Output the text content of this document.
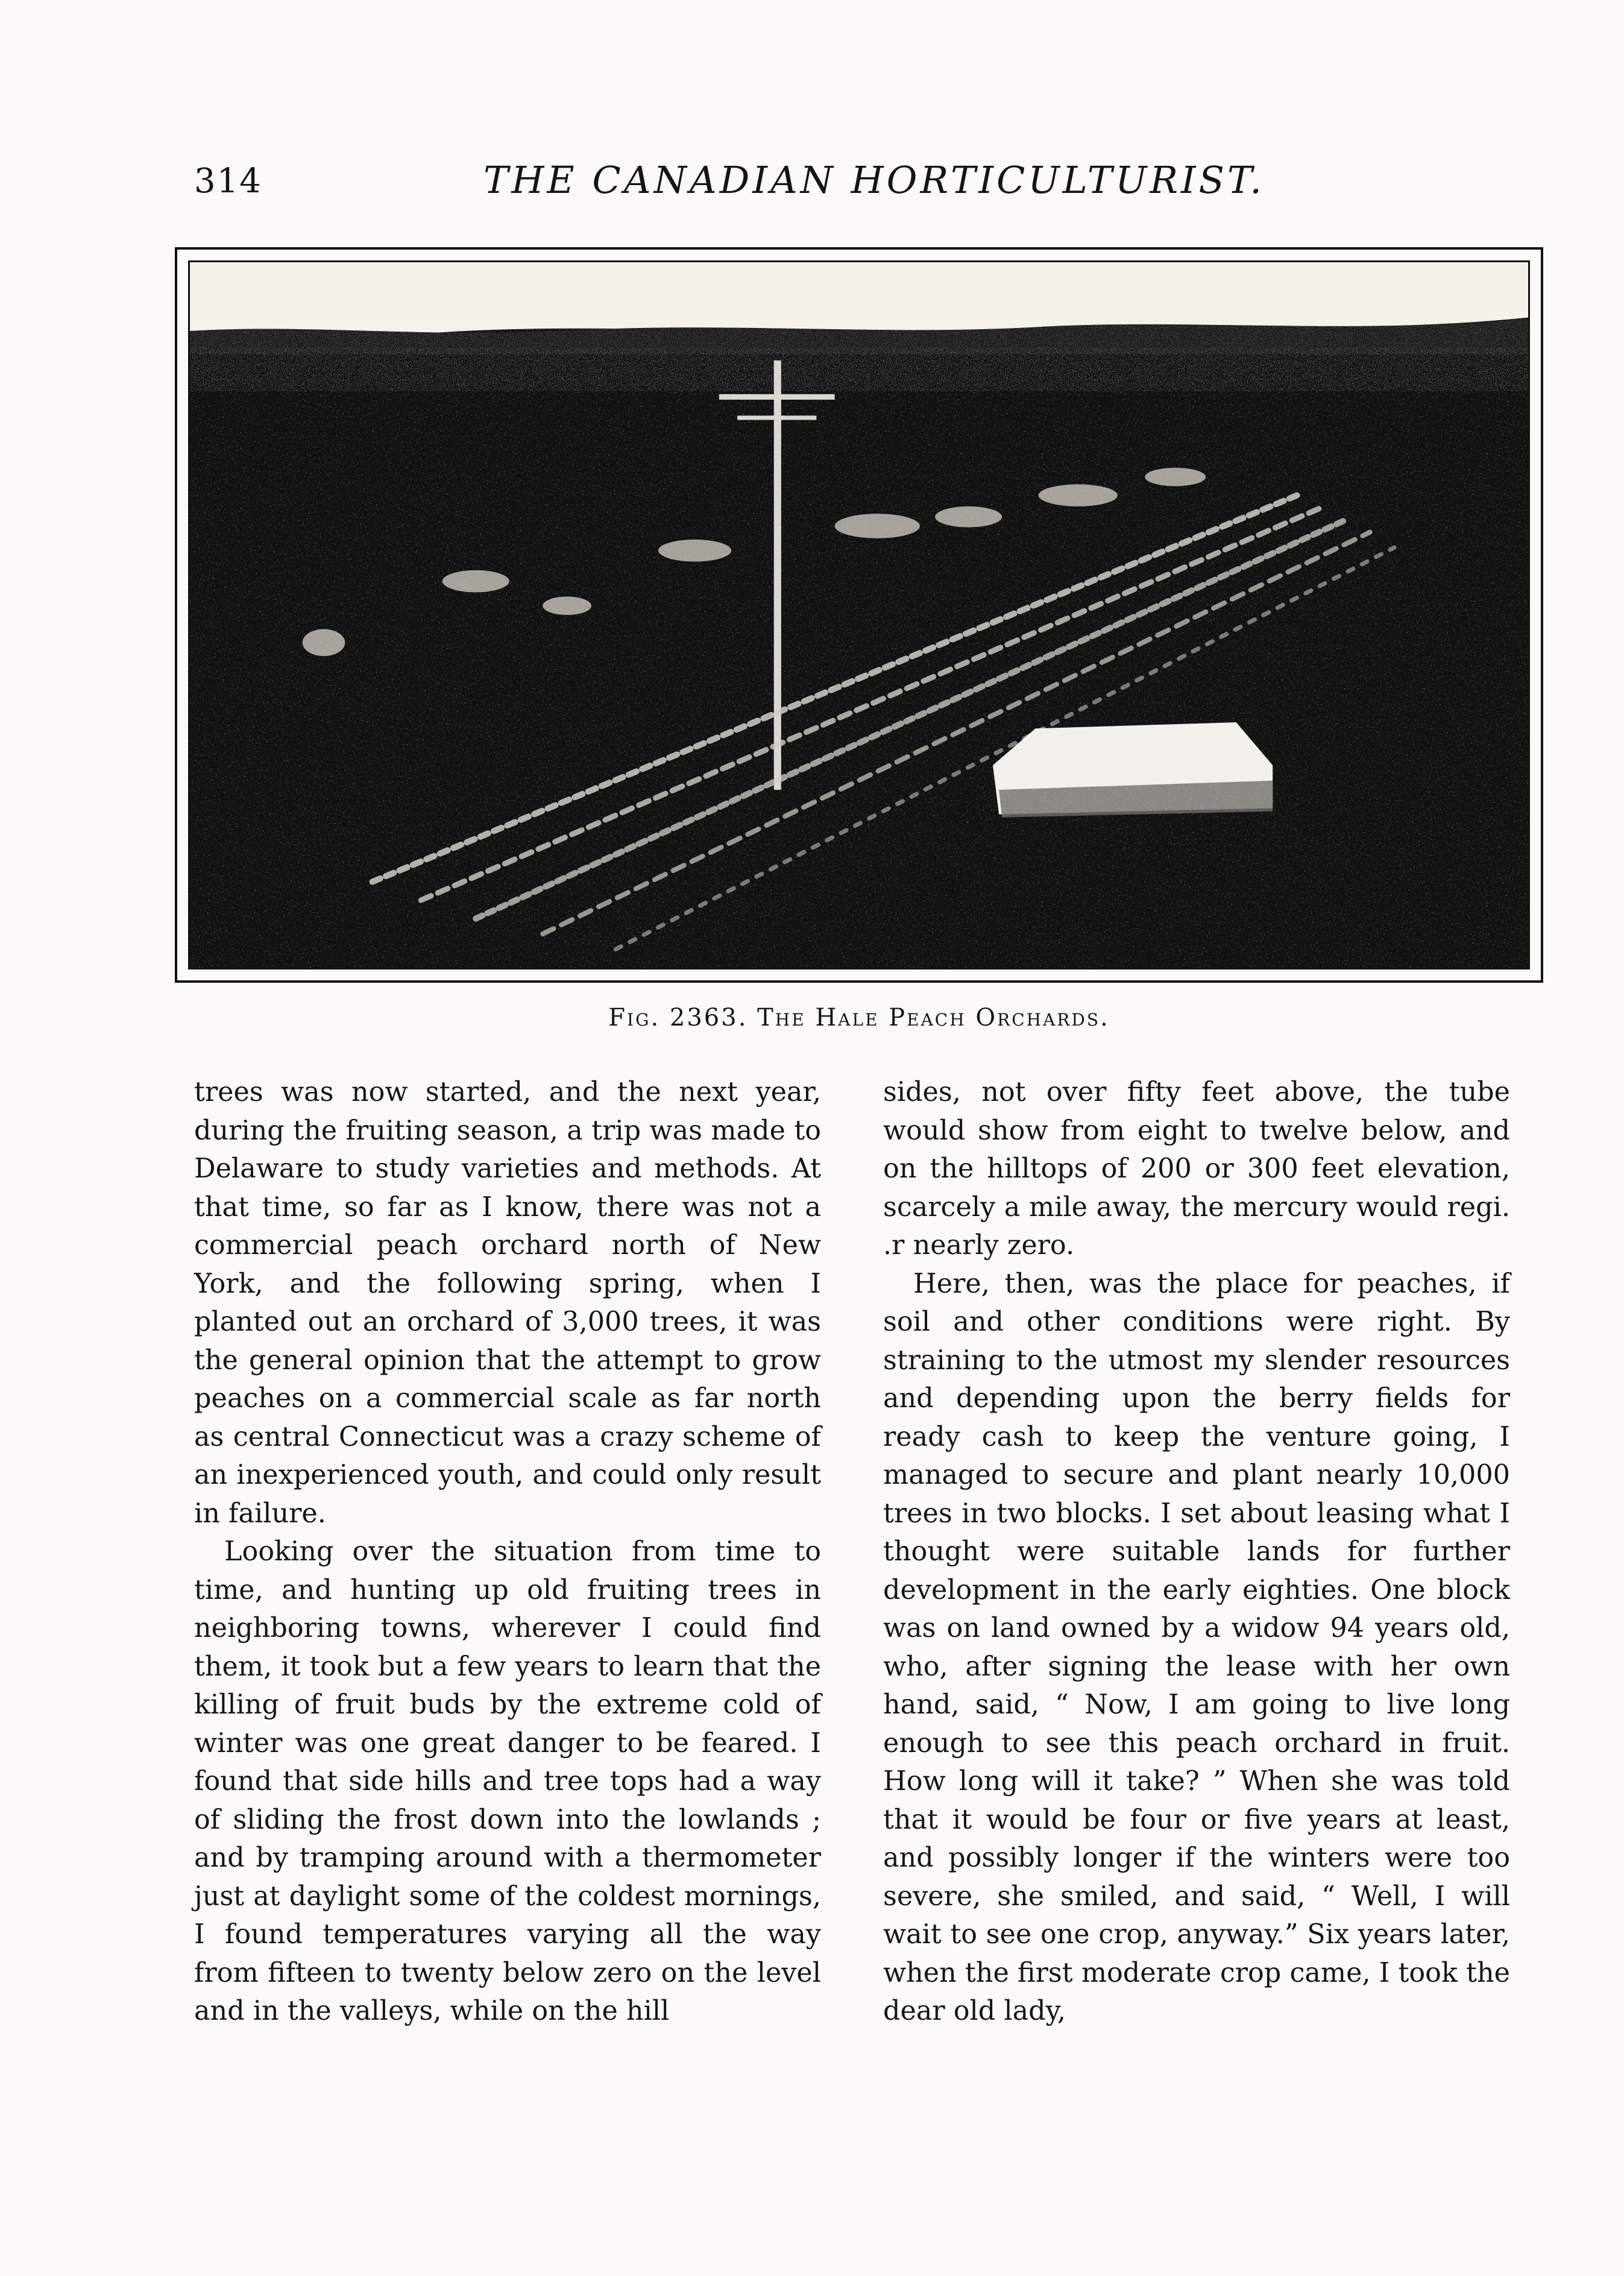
314	THE CANADIAN HORTICULTURIST.
Fig. 2363. The Hale Peach Orchards.

trees was now started, and the next year, during the fruiting season, a trip was made to Delaware to study varieties and methods. At that time, so far as I know, there was not a commercial peach orchard north of New York, and the following spring, when I planted out an orchard of 3,000 trees, it was the general opinion that the attempt to grow peaches on a commercial scale as far north as central Connecticut was a crazy scheme of an inexperienced youth, and could only result in failure.

Looking over the situation from time to time, and hunting up old fruiting trees in neighboring towns, wherever I could find them, it took but a few years to learn that the killing of fruit buds by the extreme cold of winter was one great danger to be feared. I found that side hills and tree tops had a way of sliding the frost down into the lowlands ; and by tramping around with a thermometer just at daylight some of the coldest mornings, I found temperatures varying all the way from fifteen to twenty below zero on the level and in the valleys, while on the hill

sides, not over fifty feet above, the tube would show from eight to twelve below, and on the hilltops of 200 or 300 feet elevation, scarcely a mile away, the mercury would regi. .r nearly zero.

Here, then, was the place for peaches, if soil and other conditions were right. By straining to the utmost my slender resources and depending upon the berry fields for ready cash to keep the venture going, I managed to secure and plant nearly 10,000 trees in two blocks. I set about leasing what I thought were suitable lands for further development in the early eighties. One block was on land owned by a widow 94 years old, who, after signing the lease with her own hand, said, “ Now, I am going to live long enough to see this peach orchard in fruit. How long will it take? ” When she was told that it would be four or five years at least, and possibly longer if the winters were too severe, she smiled, and said, “ Well, I will wait to see one crop, anyway.” Six years later, when the first moderate crop came, I took the dear old lady,
